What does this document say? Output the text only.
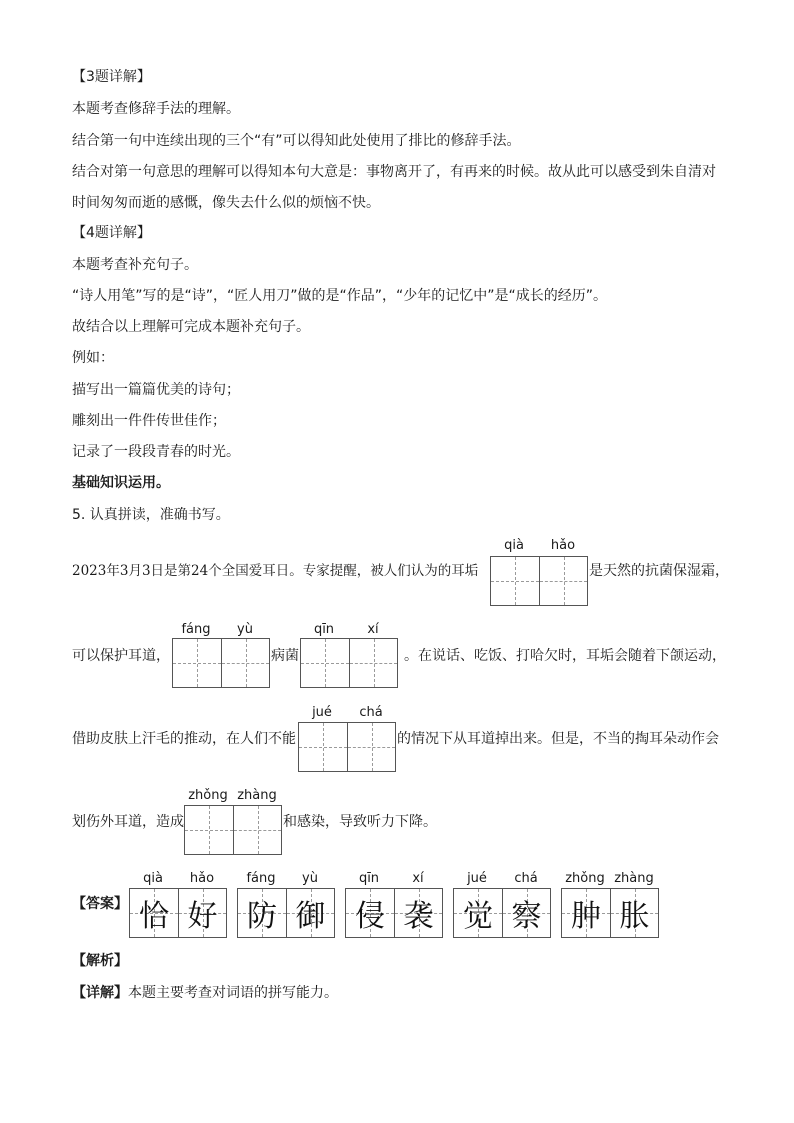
【3题详解】
本题考查修辞手法的理解。
结合第一句中连续出现的三个“有”可以得知此处使用了排比的修辞手法。
结合对第一句意思的理解可以得知本句大意是：事物离开了，有再来的时候。故从此可以感受到朱自清对
时间匆匆而逝的感慨，像失去什么似的烦恼不快。
【4题详解】
本题考查补充句子。
“诗人用笔”写的是“诗”，“匠人用刀”做的是“作品”，“少年的记忆中”是“成长的经历”。
故结合以上理解可完成本题补充句子。
例如：
描写出一篇篇优美的诗句；
雕刻出一件件传世佳作；
记录了一段段青春的时光。
基础知识运用。
5. 认真拼读，准确书写。
2023年3月3日是第24个全国爱耳日。专家提醒，被人们认为的耳垢
qià	hǎo
是天然的抗菌保湿霜，
可以保护耳道，
fáng	yù
病菌
qīn	xí
。在说话、吃饭、打哈欠时，耳垢会随着下颌运动，
借助皮肤上汗毛的推动，在人们不能
jué	chá
的情况下从耳道掉出来。但是，不当的掏耳朵动作会
划伤外耳道，造成
zhǒng zhàng
和感染，导致听力下降。
【答案】
qià	hǎo
恰 好
fáng	yù
防 御
qīn	xí
侵 袭
jué	chá
觉 察
zhǒng zhàng
肿 胀
【解析】
【详解】本题主要考查对词语的拼写能力。
